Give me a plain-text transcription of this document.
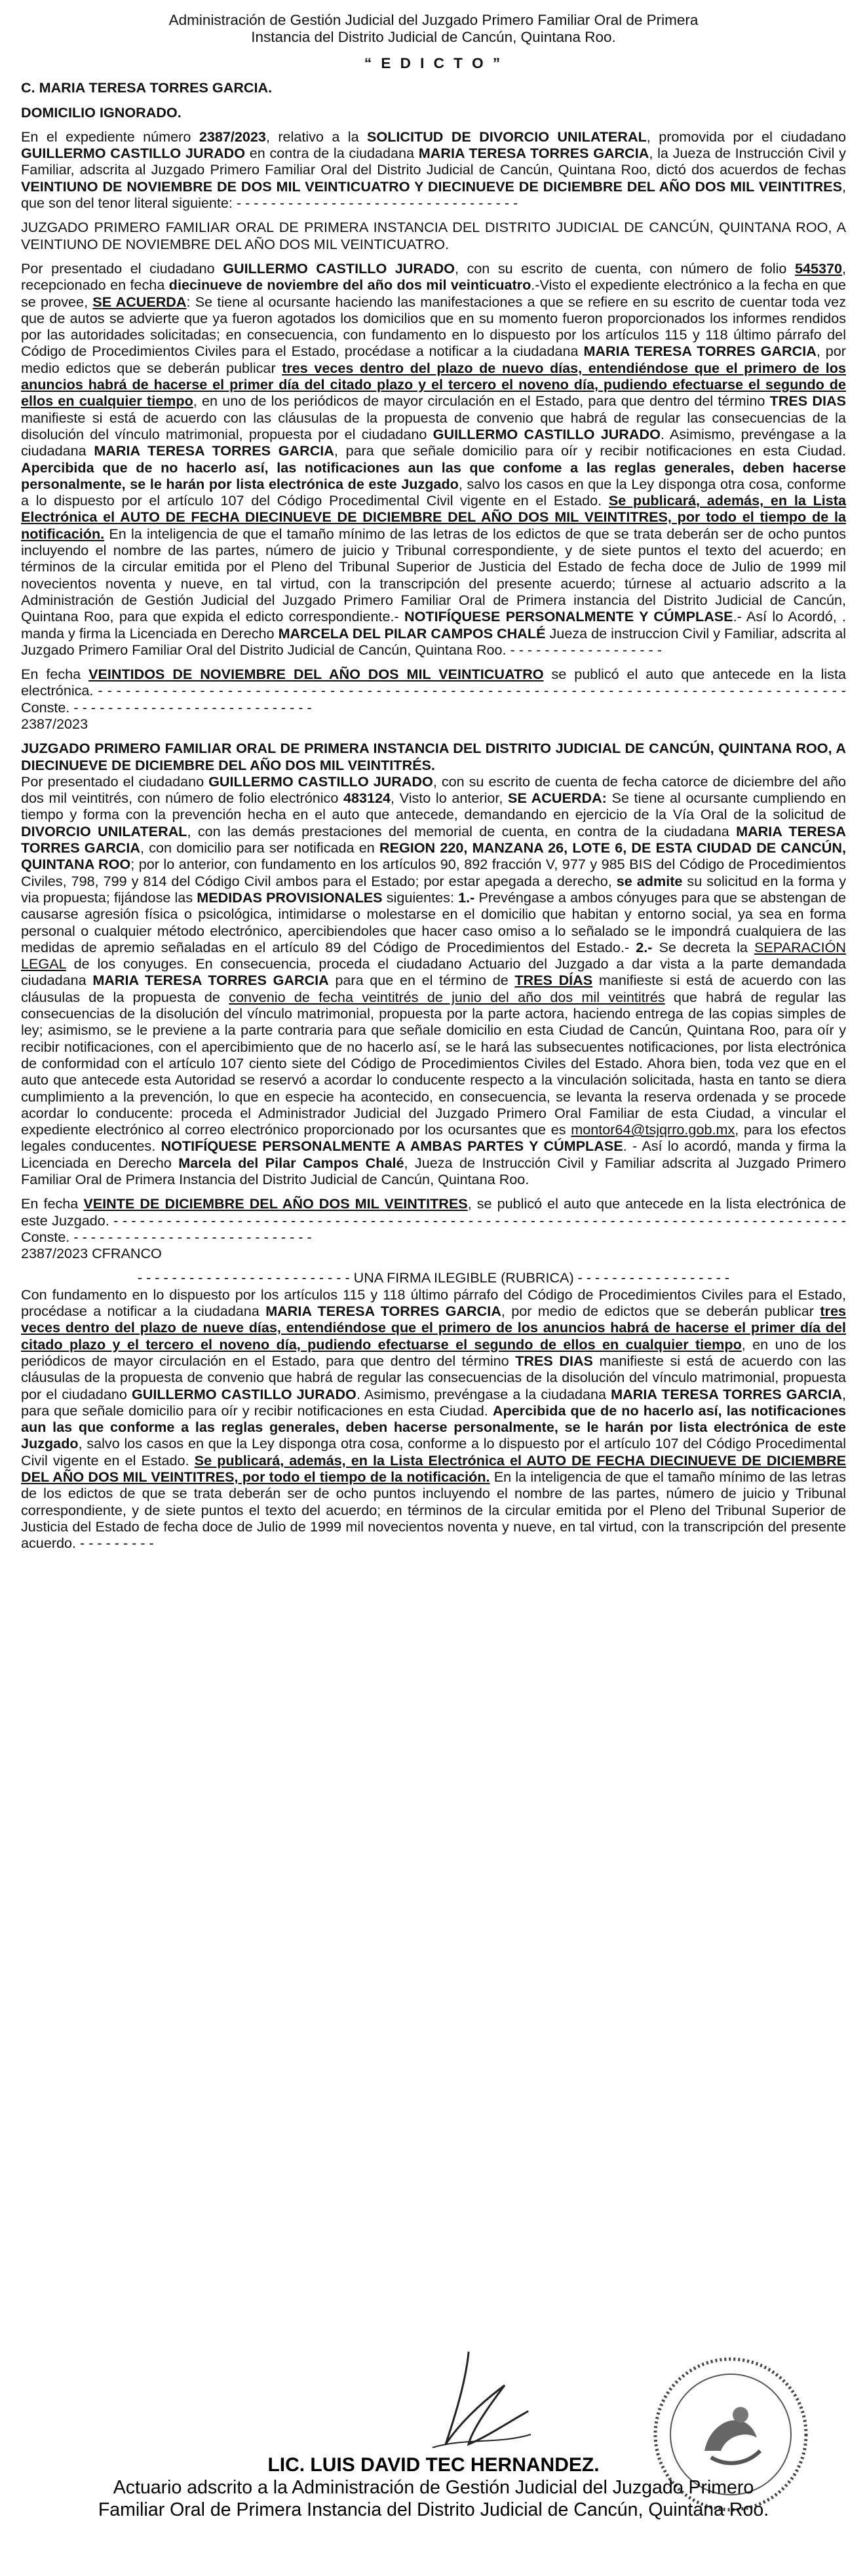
Administración de Gestión Judicial del Juzgado Primero Familiar Oral de Primera

Instancia del Distrito Judicial de Cancún, Quintana Roo.

“ E D I C T O ”

C. MARIA TERESA TORRES GARCIA.

DOMICILIO IGNORADO.

En el expediente número 2387/2023, relativo a la SOLICITUD DE DIVORCIO UNILATERAL, promovida por el ciudadano GUILLERMO CASTILLO JURADO en contra de la ciudadana MARIA TERESA TORRES GARCIA, la Jueza de Instrucción Civil y Familiar, adscrita al Juzgado Primero Familiar Oral del Distrito Judicial de Cancún, Quintana Roo, dictó dos acuerdos de fechas VEINTIUNO DE NOVIEMBRE DE DOS MIL VEINTICUATRO Y DIECINUEVE DE DICIEMBRE DEL AÑO DOS MIL VEINTITRES, que son del tenor literal siguiente: - - - - - - - - - - - - - - - - - - - - - - - - - - - - - - - - -

JUZGADO PRIMERO FAMILIAR ORAL DE PRIMERA INSTANCIA DEL DISTRITO JUDICIAL DE CANCÚN, QUINTANA ROO, A VEINTIUNO DE NOVIEMBRE DEL AÑO DOS MIL VEINTICUATRO.

Por presentado el ciudadano GUILLERMO CASTILLO JURADO, con su escrito de cuenta, con número de folio 545370, recepcionado en fecha diecinueve de noviembre del año dos mil veinticuatro.-Visto el expediente electrónico a la fecha en que se provee, SE ACUERDA: Se tiene al ocursante haciendo las manifestaciones a que se refiere en su escrito de cuentar toda vez que de autos se advierte que ya fueron agotados los domicilios que en su momento fueron proporcionados los informes rendidos por las autoridades solicitadas; en consecuencia, con fundamento en lo dispuesto por los artículos 115 y 118 último párrafo del Código de Procedimientos Civiles para el Estado, procédase a notificar a la ciudadana MARIA TERESA TORRES GARCIA, por medio edictos que se deberán publicar tres veces dentro del plazo de nuevo días, entendiéndose que el primero de los anuncios habrá de hacerse el primer día del citado plazo y el tercero el noveno día, pudiendo efectuarse el segundo de ellos en cualquier tiempo, en uno de los periódicos de mayor circulación en el Estado, para que dentro del término TRES DIAS manifieste si está de acuerdo con las cláusulas de la propuesta de convenio que habrá de regular las consecuencias de la disolución del vínculo matrimonial, propuesta por el ciudadano GUILLERMO CASTILLO JURADO. Asimismo, prevéngase a la ciudadana MARIA TERESA TORRES GARCIA, para que señale domicilio para oír y recibir notificaciones en esta Ciudad. Apercibida que de no hacerlo así, las notificaciones aun las que confome a las reglas generales, deben hacerse personalmente, se le harán por lista electrónica de este Juzgado, salvo los casos en que la Ley disponga otra cosa, conforme a lo dispuesto por el artículo 107 del Código Procedimental Civil vigente en el Estado. Se publicará, además, en la Lista Electrónica el AUTO DE FECHA DIECINUEVE DE DICIEMBRE DEL AÑO DOS MIL VEINTITRES, por todo el tiempo de la notificación. En la inteligencia de que el tamaño mínimo de las letras de los edictos de que se trata deberán ser de ocho puntos incluyendo el nombre de las partes, número de juicio y Tribunal correspondiente, y de siete puntos el texto del acuerdo; en términos de la circular emitida por el Pleno del Tribunal Superior de Justicia del Estado de fecha doce de Julio de 1999 mil novecientos noventa y nueve, en tal virtud, con la transcripción del presente acuerdo; túrnese al actuario adscrito a la Administración de Gestión Judicial del Juzgado Primero Familiar Oral de Primera instancia del Distrito Judicial de Cancún, Quintana Roo, para que expida el edicto correspondiente.- NOTIFÍQUESE PERSONALMENTE Y CÚMPLASE.- Así lo Acordó, . manda y firma la Licenciada en Derecho MARCELA DEL PILAR CAMPOS CHALÉ Jueza de instruccion Civil y Familiar, adscrita al Juzgado Primero Familiar Oral del Distrito Judicial de Cancún, Quintana Roo. - - - - - - - - - - - - - - - - - -

En fecha VEINTIDOS DE NOVIEMBRE DEL AÑO DOS MIL VEINTICUATRO se publicó el auto que antecede en la lista electrónica. - - - - - - - - - - - - - - - - - - - - - - - - - - - - - - - - - - - - - - - - - - - - - - - - - - - - - - - - - - - - - - - - - - - - - - - - - - - - - - - - - Conste. - - - - - - - - - - - - - - - - - - - - - - - - - - - -

2387/2023

JUZGADO PRIMERO FAMILIAR ORAL DE PRIMERA INSTANCIA DEL DISTRITO JUDICIAL DE CANCÚN, QUINTANA ROO, A DIECINUEVE DE DICIEMBRE DEL AÑO DOS MIL VEINTITRÉS.

Por presentado el ciudadano GUILLERMO CASTILLO JURADO, con su escrito de cuenta de fecha catorce de diciembre del año dos mil veintitrés, con número de folio electrónico 483124, Visto lo anterior, SE ACUERDA: Se tiene al ocursante cumpliendo en tiempo y forma con la prevención hecha en el auto que antecede, demandando en ejercicio de la Vía Oral de la solicitud de DIVORCIO UNILATERAL, con las demás prestaciones del memorial de cuenta, en contra de la ciudadana MARIA TERESA TORRES GARCIA, con domicilio para ser notificada en REGION 220, MANZANA 26, LOTE 6, DE ESTA CIUDAD DE CANCÚN, QUINTANA ROO; por lo anterior, con fundamento en los artículos 90, 892 fracción V, 977 y 985 BIS del Código de Procedimientos Civiles, 798, 799 y 814 del Código Civil ambos para el Estado; por estar apegada a derecho, se admite su solicitud en la forma y via propuesta; fijándose las MEDIDAS PROVISIONALES siguientes: 1.- Prevéngase a ambos cónyuges para que se abstengan de causarse agresión física o psicológica, intimidarse o molestarse en el domicilio que habitan y entorno social, ya sea en forma personal o cualquier método electrónico, apercibiendoles que hacer caso omiso a lo señalado se le impondrá cualquiera de las medidas de apremio señaladas en el artículo 89 del Código de Procedimientos del Estado.- 2.- Se decreta la SEPARACIÓN LEGAL de los conyuges. En consecuencia, proceda el ciudadano Actuario del Juzgado a dar vista a la parte demandada ciudadana MARIA TERESA TORRES GARCIA para que en el término de TRES DÍAS manifieste si está de acuerdo con las cláusulas de la propuesta de convenio de fecha veintitrés de junio del año dos mil veintitrés que habrá de regular las consecuencias de la disolución del vínculo matrimonial, propuesta por la parte actora, haciendo entrega de las copias simples de ley; asimismo, se le previene a la parte contraria para que señale domicilio en esta Ciudad de Cancún, Quintana Roo, para oír y recibir notificaciones, con el apercibimiento que de no hacerlo así, se le hará las subsecuentes notificaciones, por lista electrónica de conformidad con el artículo 107 ciento siete del Código de Procedimientos Civiles del Estado. Ahora bien, toda vez que en el auto que antecede esta Autoridad se reservó a acordar lo conducente respecto a la vinculación solicitada, hasta en tanto se diera cumplimiento a la prevención, lo que en especie ha acontecido, en consecuencia, se levanta la reserva ordenada y se procede acordar lo conducente: proceda el Administrador Judicial del Juzgado Primero Oral Familiar de esta Ciudad, a vincular el expediente electrónico al correo electrónico proporcionado por los ocursantes que es montor64@tsjqrro.gob.mx, para los efectos legales conducentes. NOTIFÍQUESE PERSONALMENTE A AMBAS PARTES Y CÚMPLASE. - Así lo acordó, manda y firma la Licenciada en Derecho Marcela del Pilar Campos Chalé, Jueza de Instrucción Civil y Familiar adscrita al Juzgado Primero Familiar Oral de Primera Instancia del Distrito Judicial de Cancún, Quintana Roo.

En fecha VEINTE DE DICIEMBRE DEL AÑO DOS MIL VEINTITRES, se publicó el auto que antecede en la lista electrónica de este Juzgado. - - - - - - - - - - - - - - - - - - - - - - - - - - - - - - - - - - - - - - - - - - - - - - - - - - - - - - - - - - - - - - - - - - - - - - - - - - - - - - - - - - - Conste. - - - - - - - - - - - - - - - - - - - - - - - - - - - -

2387/2023 CFRANCO

- - - - - - - - - - - - - - - - - - - - - - - - - UNA FIRMA ILEGIBLE (RUBRICA) - - - - - - - - - - - - - - - - - -

Con fundamento en lo dispuesto por los artículos 115 y 118 último párrafo del Código de Procedimientos Civiles para el Estado, procédase a notificar a la ciudadana MARIA TERESA TORRES GARCIA, por medio de edictos que se deberán publicar tres veces dentro del plazo de nueve días, entendiéndose que el primero de los anuncios habrá de hacerse el primer día del citado plazo y el tercero el noveno día, pudiendo efectuarse el segundo de ellos en cualquier tiempo, en uno de los periódicos de mayor circulación en el Estado, para que dentro del término TRES DIAS manifieste si está de acuerdo con las cláusulas de la propuesta de convenio que habrá de regular las consecuencias de la disolución del vínculo matrimonial, propuesta por el ciudadano GUILLERMO CASTILLO JURADO. Asimismo, prevéngase a la ciudadana MARIA TERESA TORRES GARCIA, para que señale domicilio para oír y recibir notificaciones en esta Ciudad. Apercibida que de no hacerlo así, las notificaciones aun las que conforme a las reglas generales, deben hacerse personalmente, se le harán por lista electrónica de este Juzgado, salvo los casos en que la Ley disponga otra cosa, conforme a lo dispuesto por el artículo 107 del Código Procedimental Civil vigente en el Estado. Se publicará, además, en la Lista Electrónica el AUTO DE FECHA DIECINUEVE DE DICIEMBRE DEL AÑO DOS MIL VEINTITRES, por todo el tiempo de la notificación. En la inteligencia de que el tamaño mínimo de las letras de los edictos de que se trata deberán ser de ocho puntos incluyendo el nombre de las partes, número de juicio y Tribunal correspondiente, y de siete puntos el texto del acuerdo; en términos de la circular emitida por el Pleno del Tribunal Superior de Justicia del Estado de fecha doce de Julio de 1999 mil novecientos noventa y nueve, en tal virtud, con la transcripción del presente acuerdo. - - - - - - - - -

LIC. LUIS DAVID TEC HERNANDEZ.
Actuario adscrito a la Administración de Gestión Judicial del Juzgado Primero
Familiar Oral de Primera Instancia del Distrito Judicial de Cancún, Quintana Roo.
